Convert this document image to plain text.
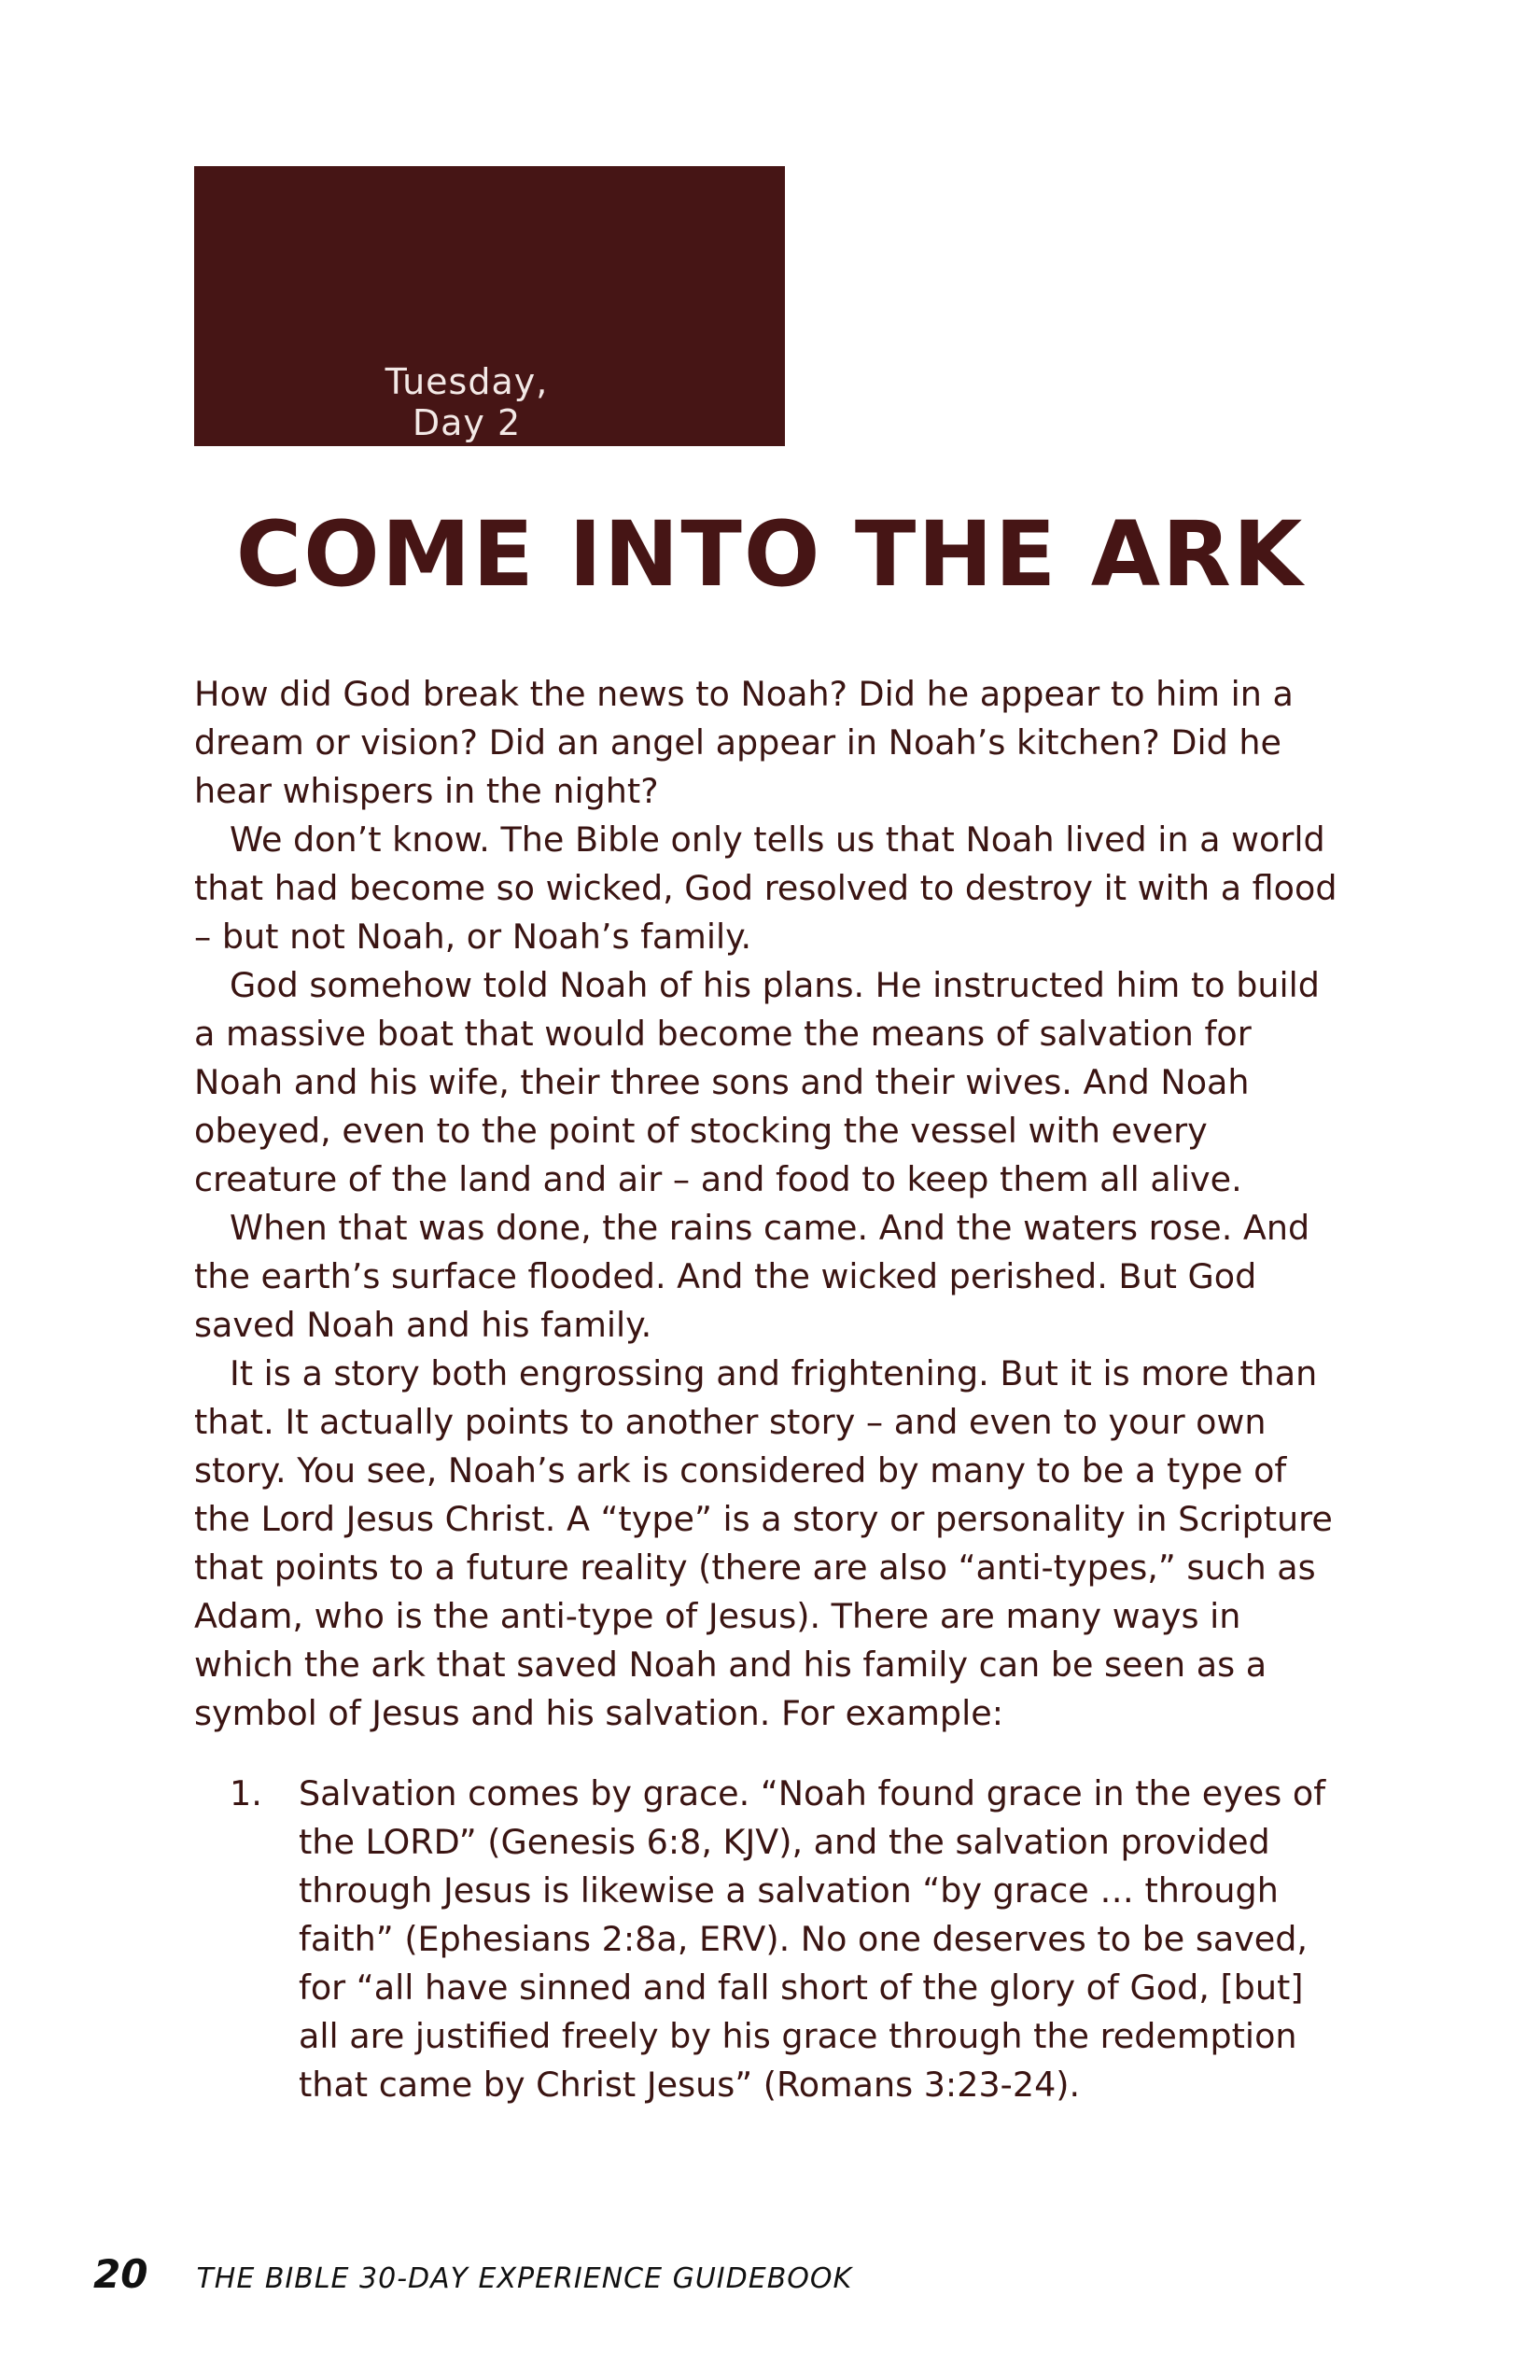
Tuesday, Day 2
COME INTO THE ARK

How did God break the news to Noah? Did he appear to him in a dream or vision? Did an angel appear in Noah’s kitchen? Did he hear whispers in the night?

We don’t know. The Bible only tells us that Noah lived in a world that had become so wicked, God resolved to destroy it with a flood – but not Noah, or Noah’s family.

God somehow told Noah of his plans. He instructed him to build a massive boat that would become the means of salvation for Noah and his wife, their three sons and their wives. And Noah obeyed, even to the point of stocking the vessel with every creature of the land and air – and food to keep them all alive.

When that was done, the rains came. And the waters rose. And the earth’s surface flooded. And the wicked perished. But God saved Noah and his family.

It is a story both engrossing and frightening. But it is more than that. It actually points to another story – and even to your own story. You see, Noah’s ark is considered by many to be a type of the Lord Jesus Christ. A “type” is a story or personality in Scripture that points to a future reality (there are also “anti-types,” such as Adam, who is the anti-type of Jesus). There are many ways in which the ark that saved Noah and his family can be seen as a symbol of Jesus and his salvation. For example:

1. Salvation comes by grace. “Noah found grace in the eyes of the LORD” (Genesis 6:8, KJV), and the salvation provided through Jesus is likewise a salvation “by grace … through faith” (Ephesians 2:8a, ERV). No one deserves to be saved, for “all have sinned and fall short of the glory of God, [but] all are justified freely by his grace through the redemption that came by Christ Jesus” (Romans 3:23-24).
20 THE BIBLE 30-DAY EXPERIENCE GUIDEBOOK
